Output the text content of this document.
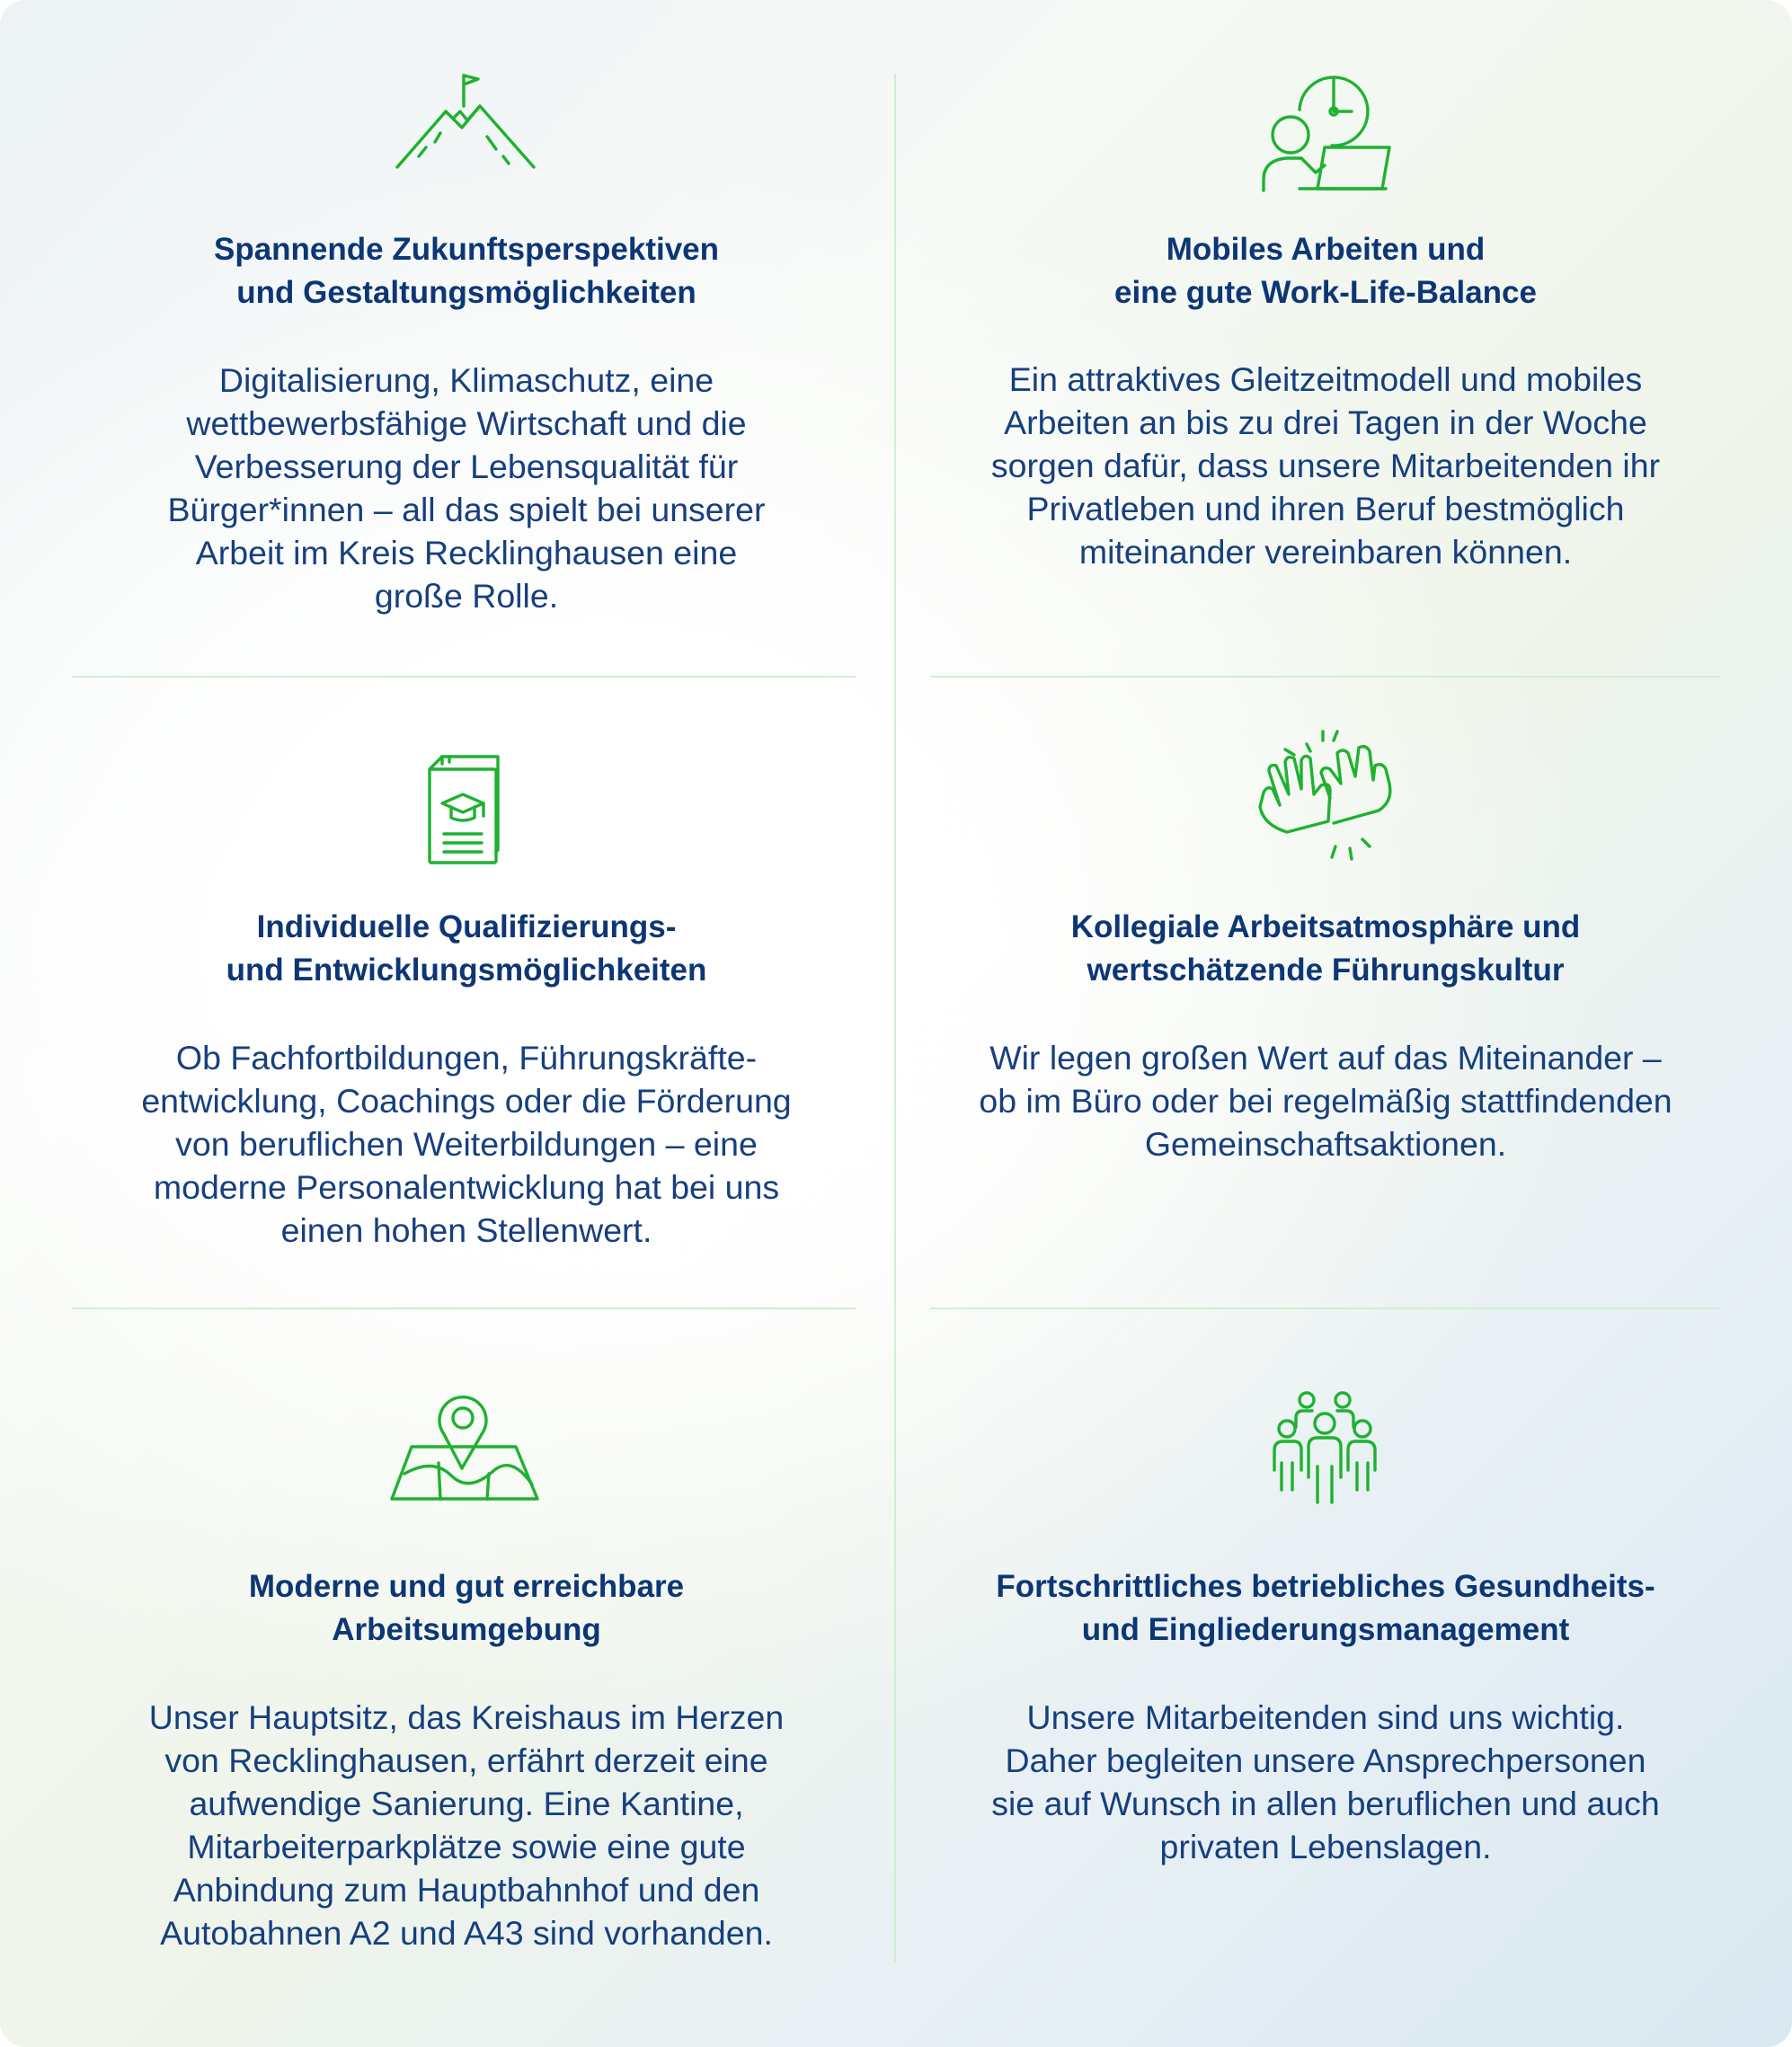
Spannende Zukunftsperspektiven
und Gestaltungsmöglichkeiten
Digitalisierung, Klimaschutz, eine
wettbewerbsfähige Wirtschaft und die
Verbesserung der Lebensqualität für
Bürger*innen – all das spielt bei unserer
Arbeit im Kreis Recklinghausen eine
große Rolle.
Mobiles Arbeiten und
eine gute Work-Life-Balance
Ein attraktives Gleitzeitmodell und mobiles
Arbeiten an bis zu drei Tagen in der Woche
sorgen dafür, dass unsere Mitarbeitenden ihr
Privatleben und ihren Beruf bestmöglich
miteinander vereinbaren können.
Individuelle Qualifizierungs-
und Entwicklungsmöglichkeiten
Ob Fachfortbildungen, Führungskräfte-
entwicklung, Coachings oder die Förderung
von beruflichen Weiterbildungen – eine
moderne Personalentwicklung hat bei uns
einen hohen Stellenwert.
Kollegiale Arbeitsatmosphäre und
wertschätzende Führungskultur
Wir legen großen Wert auf das Miteinander –
ob im Büro oder bei regelmäßig stattfindenden
Gemeinschaftsaktionen.
Moderne und gut erreichbare
Arbeitsumgebung
Unser Hauptsitz, das Kreishaus im Herzen
von Recklinghausen, erfährt derzeit eine
aufwendige Sanierung. Eine Kantine,
Mitarbeiterparkplätze sowie eine gute
Anbindung zum Hauptbahnhof und den
Autobahnen A2 und A43 sind vorhanden.
Fortschrittliches betriebliches Gesundheits-
und Eingliederungsmanagement
Unsere Mitarbeitenden sind uns wichtig.
Daher begleiten unsere Ansprechpersonen
sie auf Wunsch in allen beruflichen und auch
privaten Lebenslagen.
